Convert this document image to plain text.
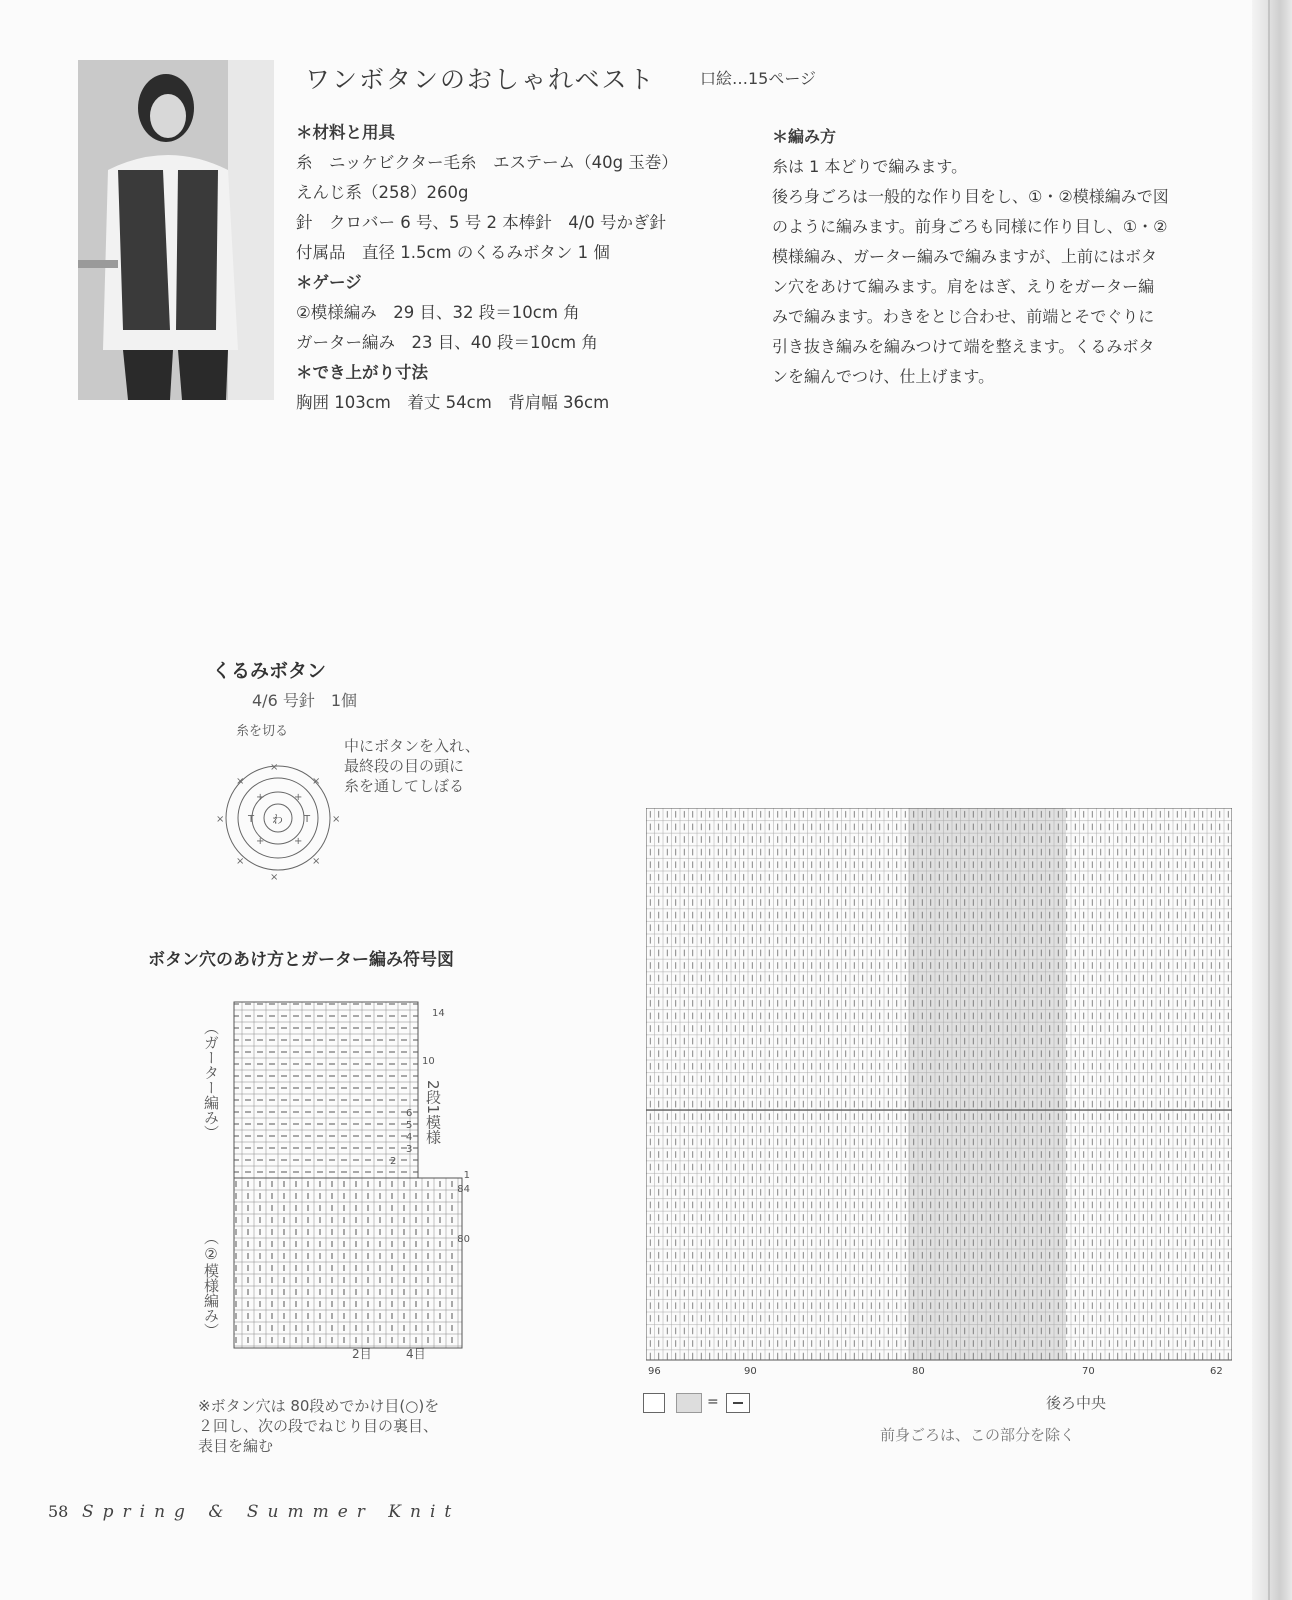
ワンボタンのおしゃれベスト	口絵…15ページ
＊材料と用具
糸　ニッケビクター毛糸　エステーム（40g 玉巻）
えんじ系（258）260g
針　クロバー 6 号、5 号 2 本棒針　4/0 号かぎ針
付属品　直径 1.5cm のくるみボタン 1 個
＊ゲージ
②模様編み　29 目、32 段＝10cm 角
ガーター編み　23 目、40 段＝10cm 角
＊でき上がり寸法
胸囲 103cm　着丈 54cm　背肩幅 36cm
＊編み方
糸は 1 本どりで編みます。
後ろ身ごろは一般的な作り目をし、①・②模様編みで図
のように編みます。前身ごろも同様に作り目し、①・②
模様編み、ガーター編みで編みますが、上前にはボタ
ン穴をあけて編みます。肩をはぎ、えりをガーター編
みで編みます。わきをとじ合わせ、前端とそでぐりに
引き抜き編みを編みつけて端を整えます。くるみボタ
ンを編んでつけ、仕上げます。
くるみボタン
4/6 号針　1個
糸を切る
中にボタンを入れ、
最終段の目の頭に
糸を通してしぼる
×
×
×	×
×	×
×	×
+	+
+	+
T	T
わ
ボタン穴のあけ方とガーター編み符号図
（ガーター編み）
（②模様編み）
2段1模様
14
10
6
5
4
3
2
1
84
80
2目	4目
※ボタン穴は 80段めでかけ目(○)を
２回し、次の段でねじり目の裏目、
表目を編む
96	90	80	70	62
=	後ろ中央
前身ごろは、この部分を除く
58 Spring & Summer Knit
